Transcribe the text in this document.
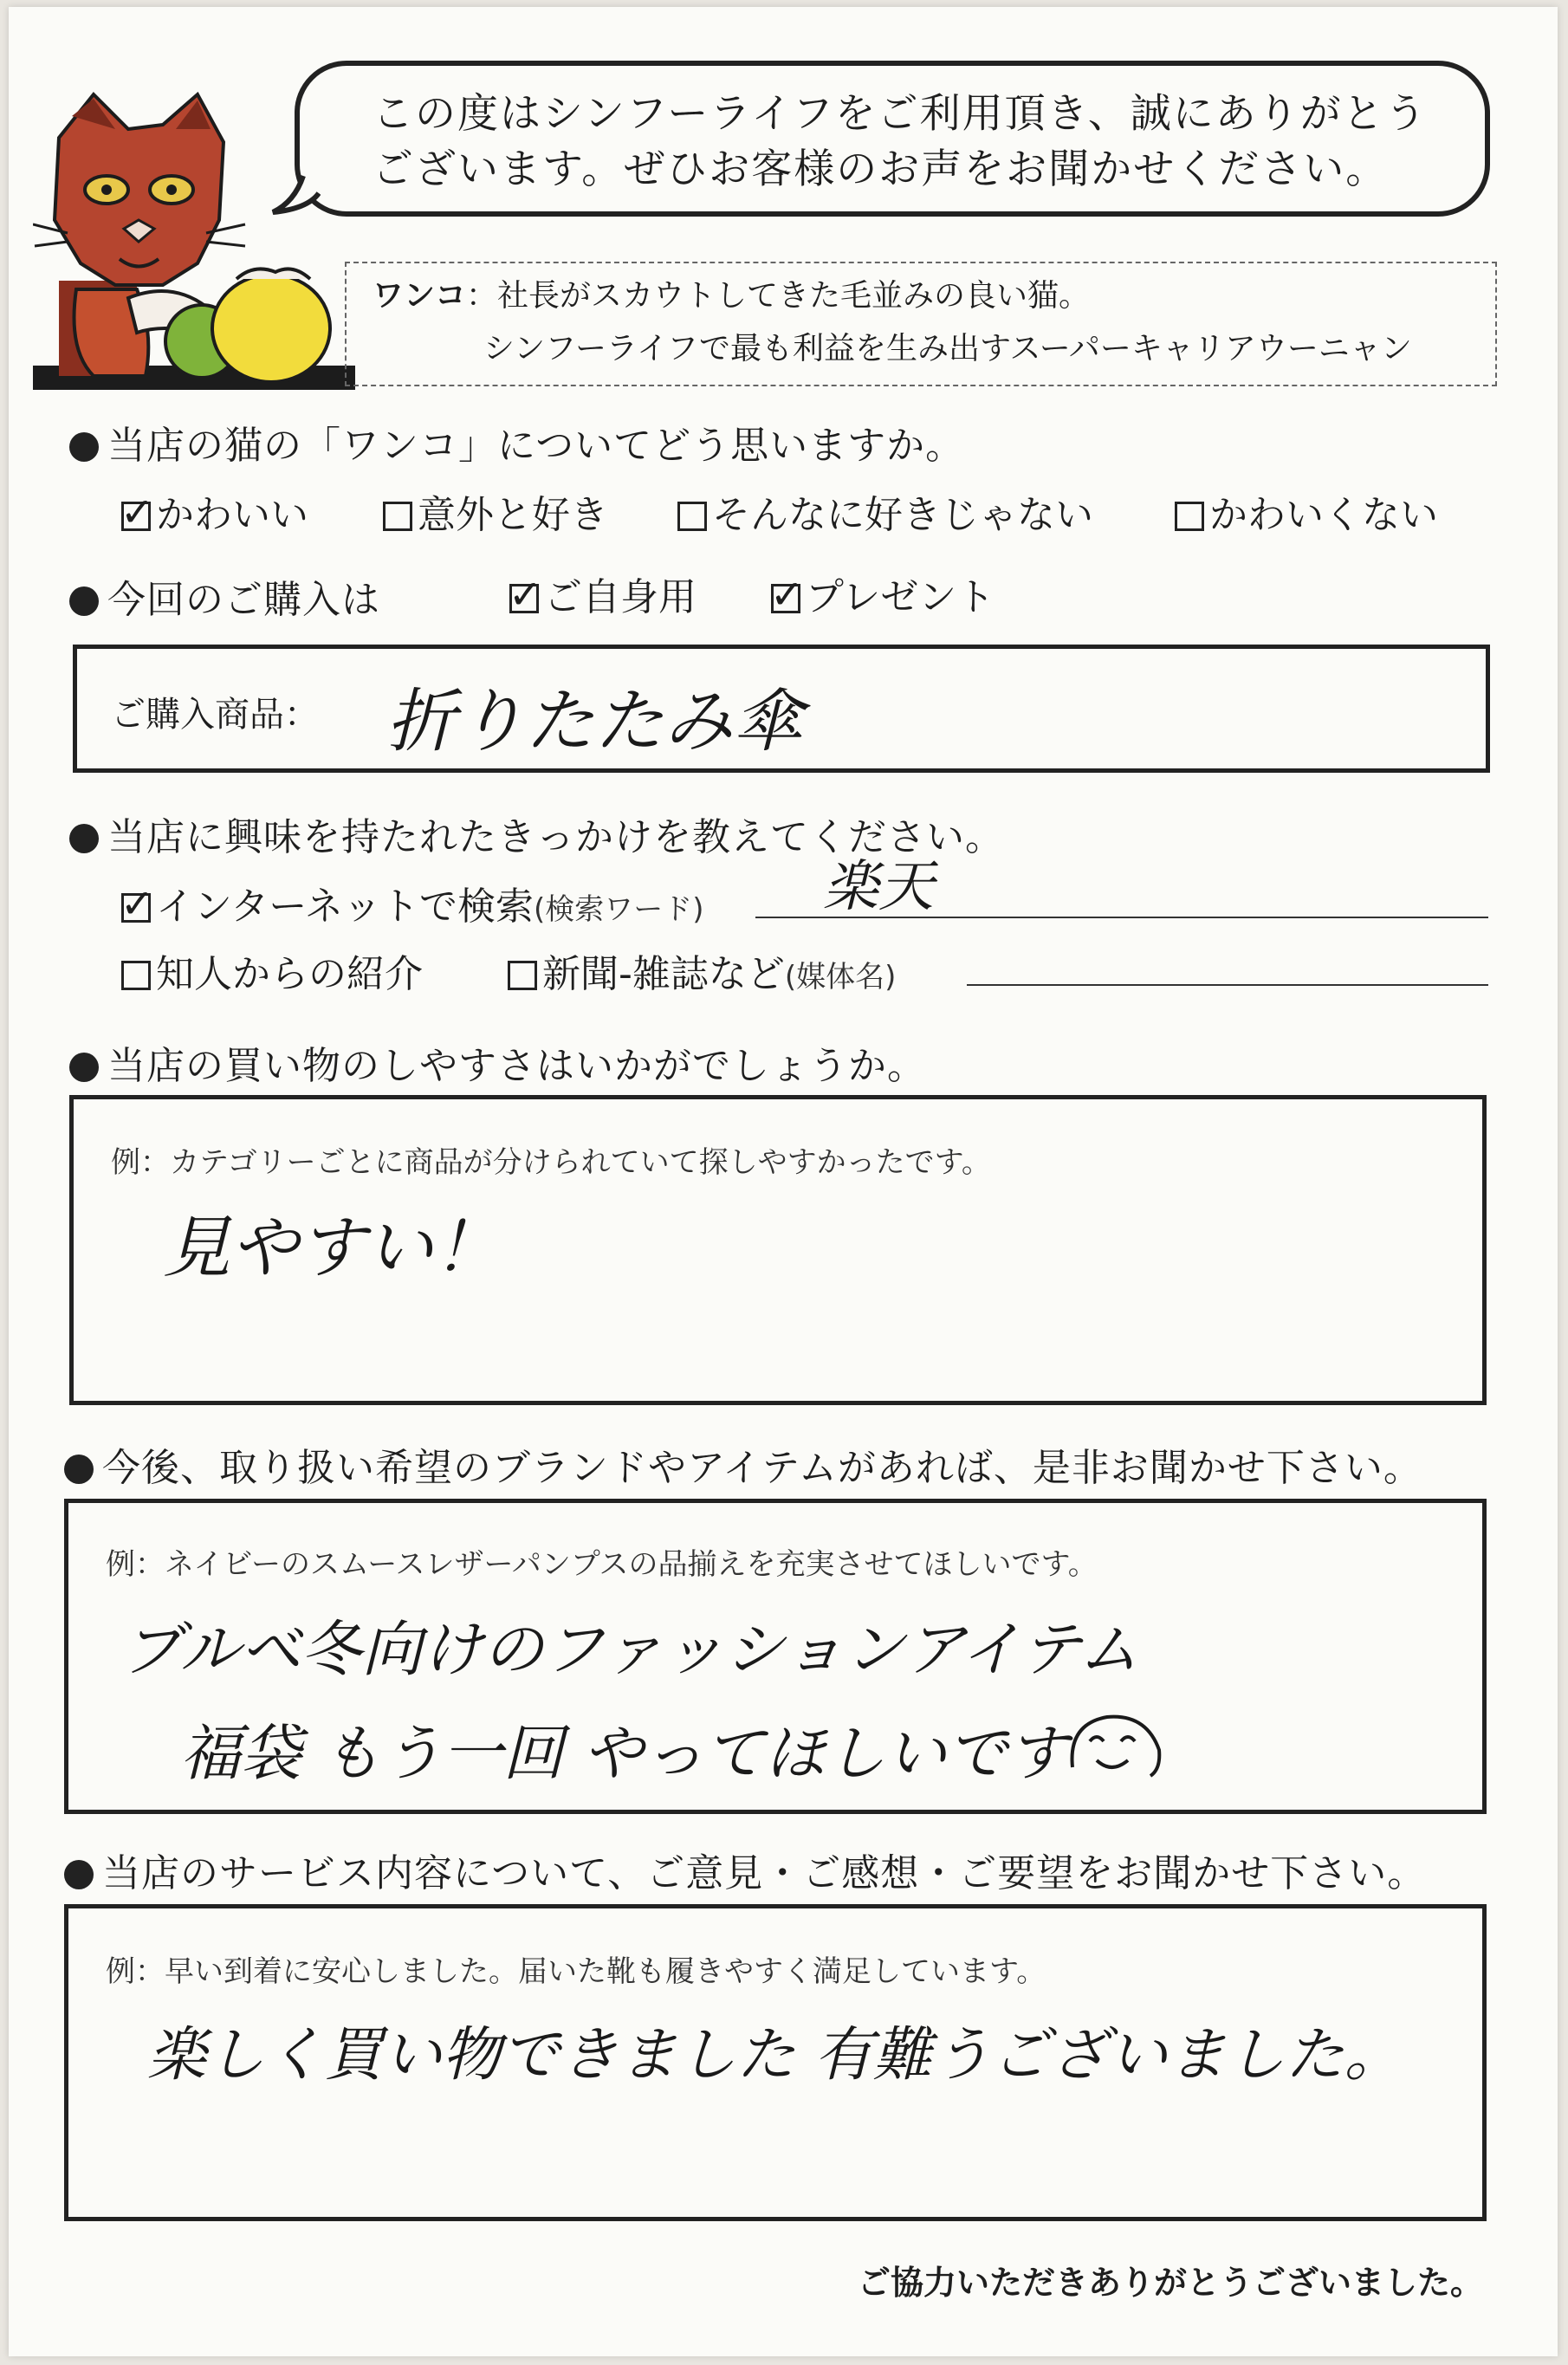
この度はシンフーライフをご利用頂き、誠にありがとう
ございます。ぜひお客様のお声をお聞かせください。
ワンコ：社長がスカウトしてきた毛並みの良い猫。
シンフーライフで最も利益を生み出すスーパーキャリアウーニャン
当店の猫の「ワンコ」についてどう思いますか。
✓ かわいい	意外と好き	そんなに好きじゃない	かわいくない
今回のご購入は	✓ ご自身用 ✓ プレゼント
ご購入商品： 折りたたみ傘
当店に興味を持たれたきっかけを教えてください。
✓ インターネットで検索(検索ワード) 楽天
知人からの紹介	新聞-雑誌など(媒体名)
当店の買い物のしやすさはいかがでしょうか。
例：カテゴリーごとに商品が分けられていて探しやすかったです。
見やすい！
今後、取り扱い希望のブランドやアイテムがあれば、是非お聞かせ下さい。
例：ネイビーのスムースレザーパンプスの品揃えを充実させてほしいです。
ブルベ冬向けのファッションアイテム
福袋 もう一回 やってほしいです
当店のサービス内容について、ご意見・ご感想・ご要望をお聞かせ下さい。
例：早い到着に安心しました。届いた靴も履きやすく満足しています。
楽しく買い物できました 有難うございました。
ご協力いただきありがとうございました。
